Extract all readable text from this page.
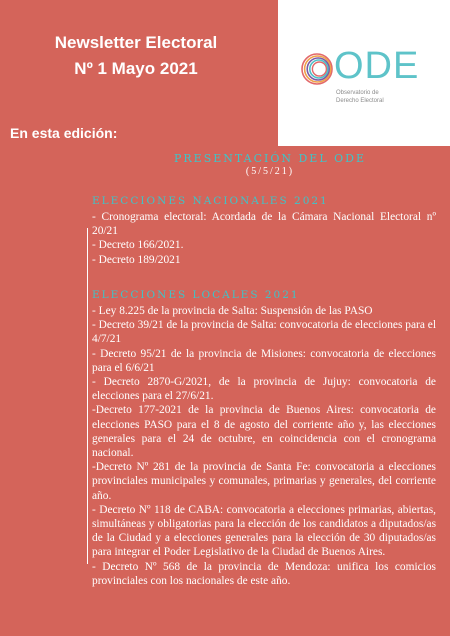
Newsletter Electoral
Nº 1 Mayo 2021	ODE
Observatorio de
Derecho Electoral
En esta edición:
PRESENTACIÓN DEL ODE
(5/5/21)
ELECCIONES NACIONALES 2021
- Cronograma electoral: Acordada de la Cámara Nacional Electoral nº 20/21
- Decreto 166/2021.
- Decreto 189/2021
ELECCIONES LOCALES 2021
- Ley 8.225 de la provincia de Salta: Suspensión de las PASO
- Decreto 39/21 de la provincia de Salta: convocatoria de elecciones para el 4/7/21
- Decreto 95/21 de la provincia de Misiones: convocatoria de elecciones para el 6/6/21
- Decreto 2870-G/2021, de la provincia de Jujuy: convocatoria de elecciones para el 27/6/21.
-Decreto 177-2021 de la provincia de Buenos Aires: convocatoria de elecciones PASO para el 8 de agosto del corriente año y, las elecciones generales para el 24 de octubre, en coincidencia con el cronograma nacional.
-Decreto Nº 281 de la provincia de Santa Fe: convocatoria a elecciones provinciales municipales y comunales, primarias y generales, del corriente año.
- Decreto Nº 118 de CABA: convocatoria a elecciones primarias, abiertas, simultáneas y obligatorias para la elección de los candidatos a diputados/as de la Ciudad y a elecciones generales para la elección de 30 diputados/as para integrar el Poder Legislativo de la Ciudad de Buenos Aires.
- Decreto Nº 568 de la provincia de Mendoza: unifica los comicios provinciales con los nacionales de este año.
